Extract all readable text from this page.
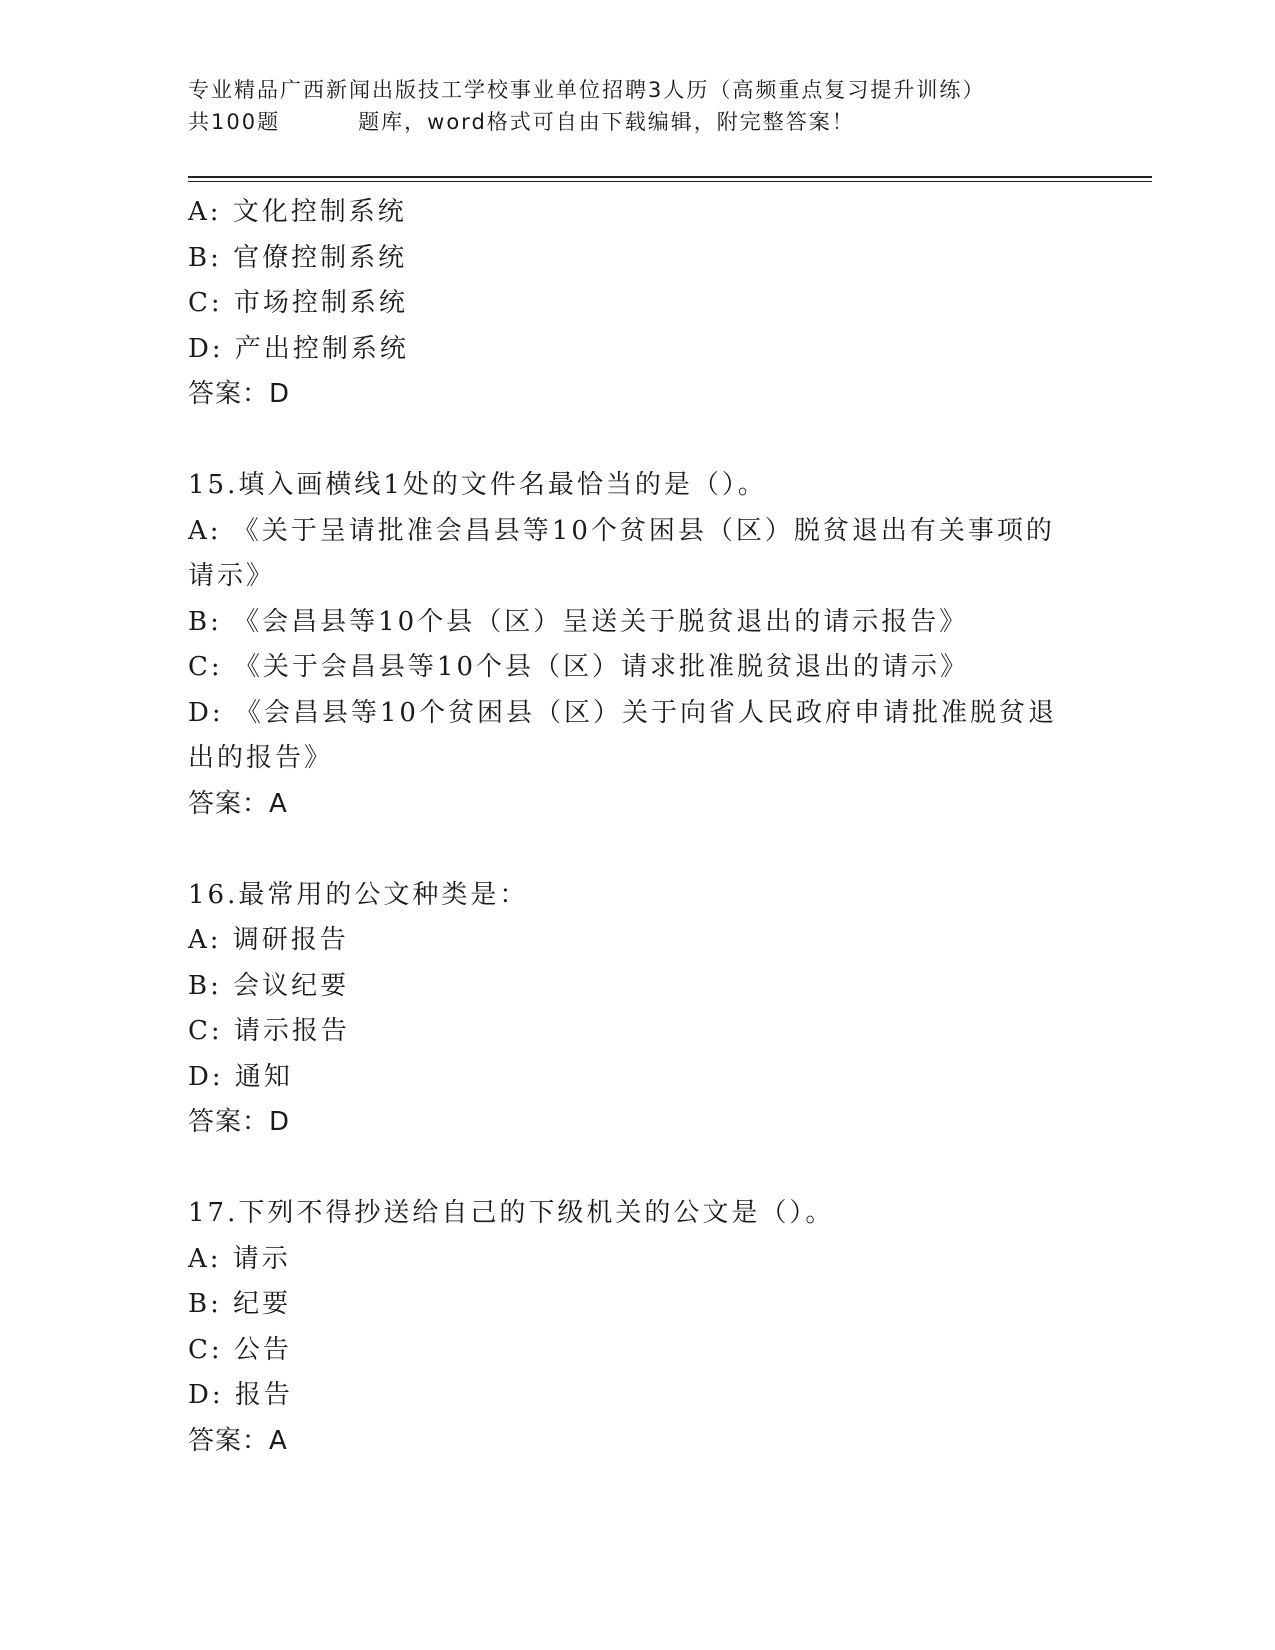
专业精品广西新闻出版技工学校事业单位招聘3人历（高频重点复习提升训练）
共100题         题库，word格式可自由下载编辑，附完整答案！
A: 文化控制系统
B: 官僚控制系统
C: 市场控制系统
D: 产出控制系统
答案：D
15.填入画横线1处的文件名最恰当的是（）。
A: 《关于呈请批准会昌县等10个贫困县（区）脱贫退出有关事项的请示》
B: 《会昌县等10个县（区）呈送关于脱贫退出的请示报告》
C: 《关于会昌县等10个县（区）请求批准脱贫退出的请示》
D: 《会昌县等10个贫困县（区）关于向省人民政府申请批准脱贫退出的报告》
答案：A
16.最常用的公文种类是：
A: 调研报告
B: 会议纪要
C: 请示报告
D: 通知
答案：D
17.下列不得抄送给自己的下级机关的公文是（）。
A: 请示
B: 纪要
C: 公告
D: 报告
答案：A
